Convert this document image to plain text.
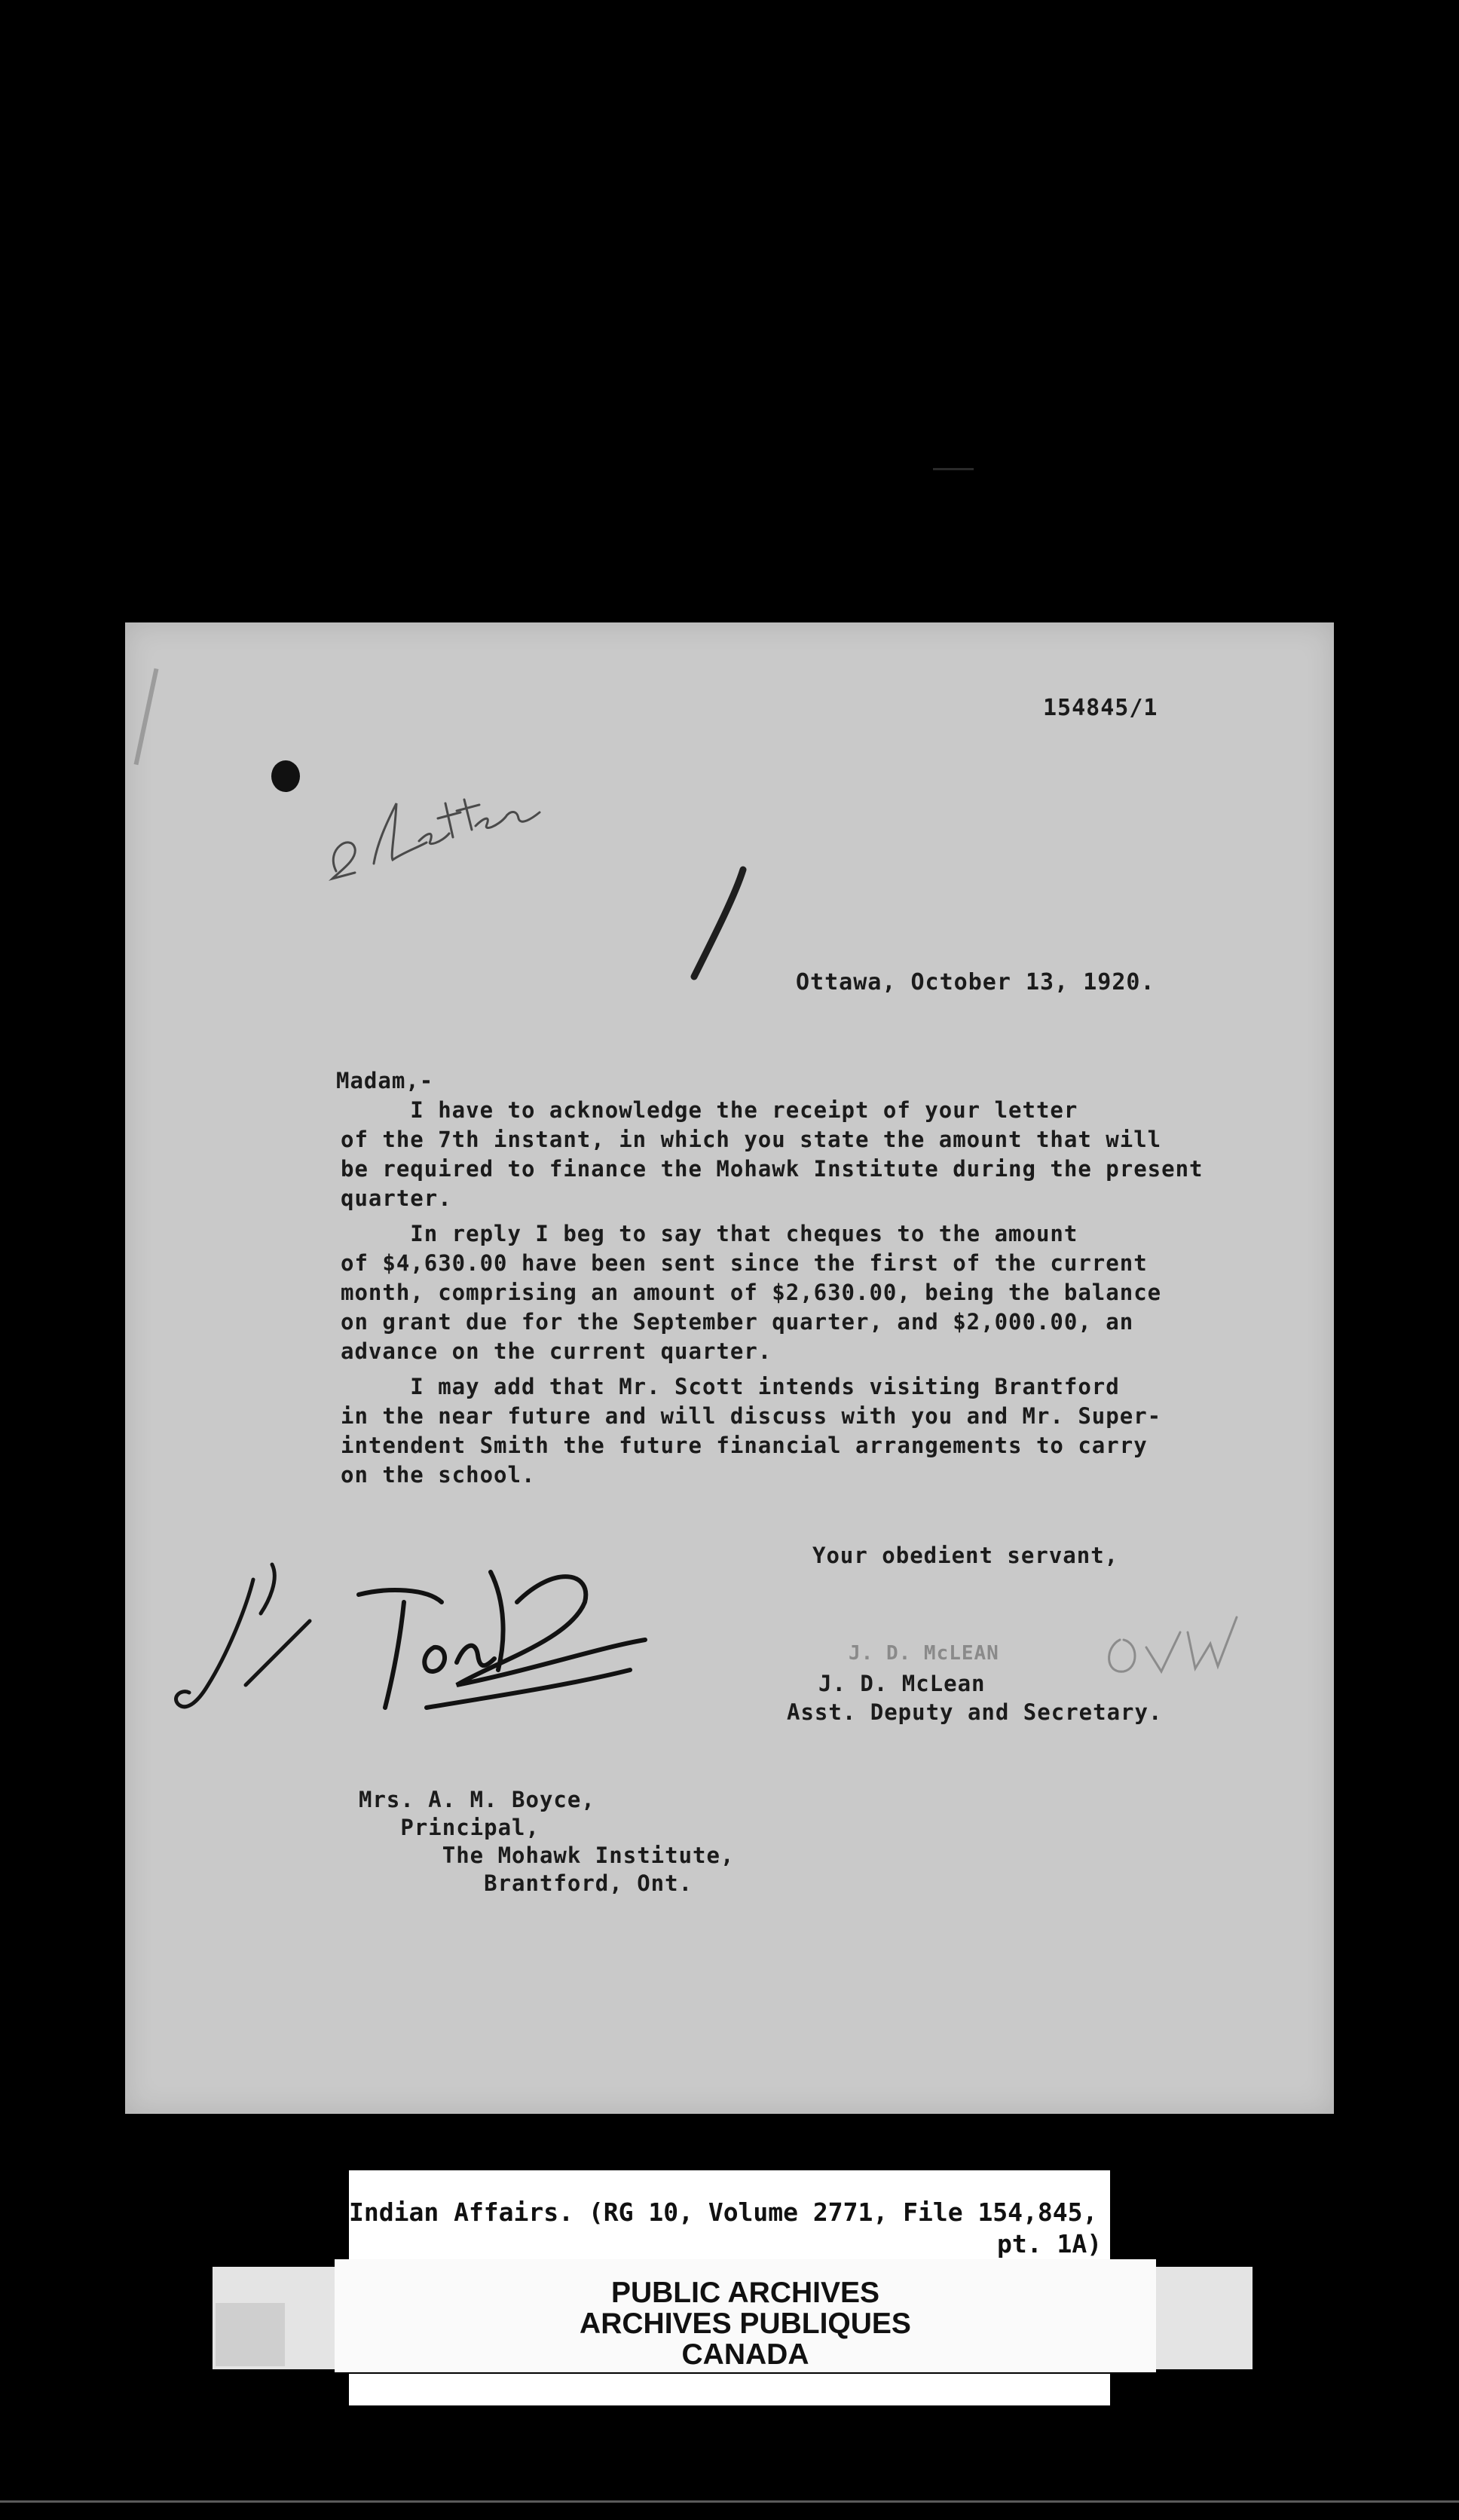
154845/1
Ottawa, October 13, 1920.
Madam,-
I have to acknowledge the receipt of your letter
of the 7th instant, in which you state the amount that will
be required to finance the Mohawk Institute during the present
quarter.
In reply I beg to say that cheques to the amount
of $4,630.00 have been sent since the first of the current
month, comprising an amount of $2,630.00, being the balance
on grant due for the September quarter, and $2,000.00, an
advance on the current quarter.
I may add that Mr. Scott intends visiting Brantford
in the near future and will discuss with you and Mr. Super-
intendent Smith the future financial arrangements to carry
on the school.
Your obedient servant,
J. D. McLEAN
J. D. McLean
Asst. Deputy and Secretary.
Mrs. A. M. Boyce,
Principal,
The Mohawk Institute,
Brantford, Ont.
Indian Affairs. (RG 10, Volume 2771, File 154,845,
pt. 1A)
PUBLIC ARCHIVES
ARCHIVES PUBLIQUES
CANADA
